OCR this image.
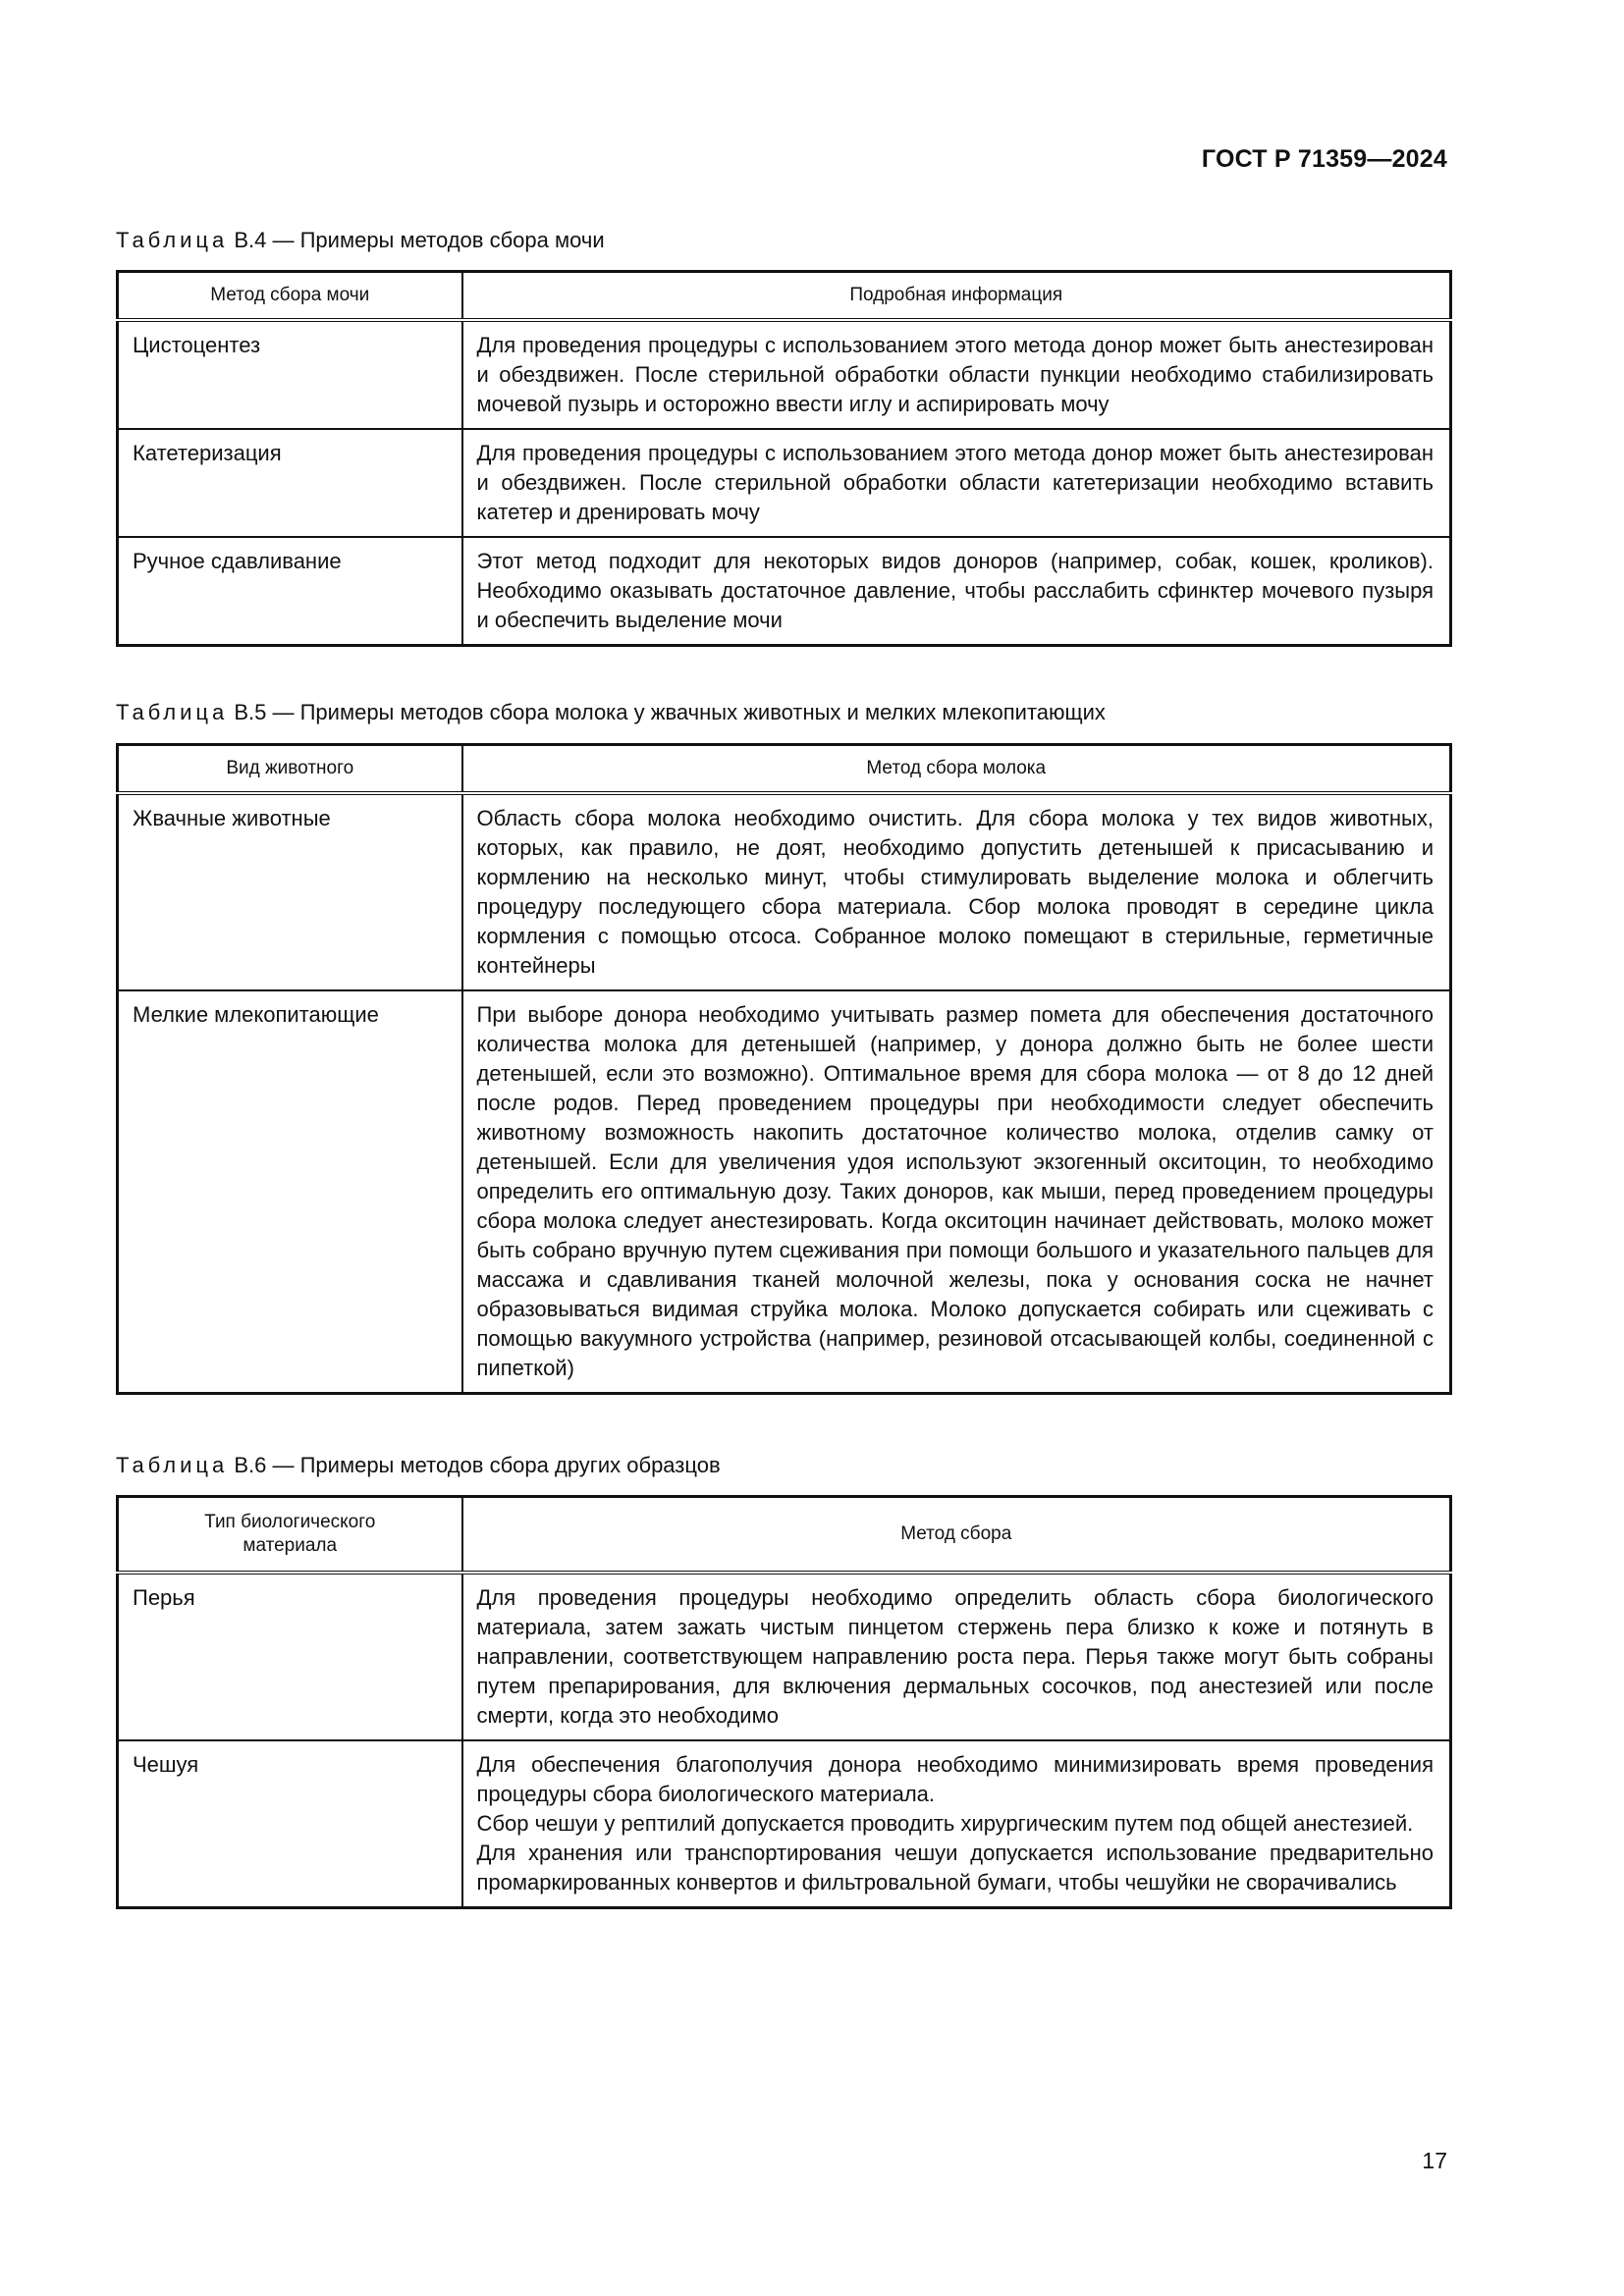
ГОСТ Р 71359—2024
Таблица В.4 — Примеры методов сбора мочи
Метод сбора мочи	Подробная информация
Цистоцентез	Для проведения процедуры с использованием этого метода донор может быть анестезирован и обездвижен. После стерильной обработки области пункции необходимо стабилизировать мочевой пузырь и осторожно ввести иглу и аспирировать мочу

Катетеризация	Для проведения процедуры с использованием этого метода донор может быть анестезирован и обездвижен. После стерильной обработки области катетеризации необходимо вставить катетер и дренировать мочу

Ручное сдавливание	Этот метод подходит для некоторых видов доноров (например, собак, кошек, кроликов). Необходимо оказывать достаточное давление, чтобы расслабить сфинктер мочевого пузыря и обеспечить выделение мочи

Таблица В.5 — Примеры методов сбора молока у жвачных животных и мелких млекопитающих
Вид животного	Метод сбора молока
Жвачные животные	Область сбора молока необходимо очистить. Для сбора молока у тех видов животных, которых, как правило, не доят, необходимо допустить детенышей к присасыванию и кормлению на несколько минут, чтобы стимулировать выделение молока и облегчить процедуру последующего сбора материала. Сбор молока проводят в середине цикла кормления с помощью отсоса. Собранное молоко помещают в стерильные, герметичные контейнеры

Мелкие млекопитающие	При выборе донора необходимо учитывать размер помета для обеспечения достаточного количества молока для детенышей (например, у донора должно быть не более шести детенышей, если это возможно). Оптимальное время для сбора молока — от 8 до 12 дней после родов. Перед проведением процедуры при необходимости следует обеспечить животному возможность накопить достаточное количество молока, отделив самку от детенышей. Если для увеличения удоя используют экзогенный окситоцин, то необходимо определить его оптимальную дозу. Таких доноров, как мыши, перед проведением процедуры сбора молока следует анестезировать. Когда окситоцин начинает действовать, молоко может быть собрано вручную путем сцеживания при помощи большого и указательного пальцев для массажа и сдавливания тканей молочной железы, пока у основания соска не начнет образовываться видимая струйка молока. Молоко допускается собирать или сцеживать с помощью вакуумного устройства (например, резиновой отсасывающей колбы, соединенной с пипеткой)

Таблица В.6 — Примеры методов сбора других образцов
Тип биологического материала	Метод сбора
Перья	Для проведения процедуры необходимо определить область сбора биологического материала, затем зажать чистым пинцетом стержень пера близко к коже и потянуть в направлении, соответствующем направлению роста пера. Перья также могут быть собраны путем препарирования, для включения дермальных сосочков, под анестезией или после смерти, когда это необходимо

Чешуя	Для обеспечения благополучия донора необходимо минимизировать время проведения процедуры сбора биологического материала.

Сбор чешуи у рептилий допускается проводить хирургическим путем под общей анестезией.

Для хранения или транспортирования чешуи допускается использование предварительно промаркированных конвертов и фильтровальной бумаги, чтобы чешуйки не сворачивались

17
